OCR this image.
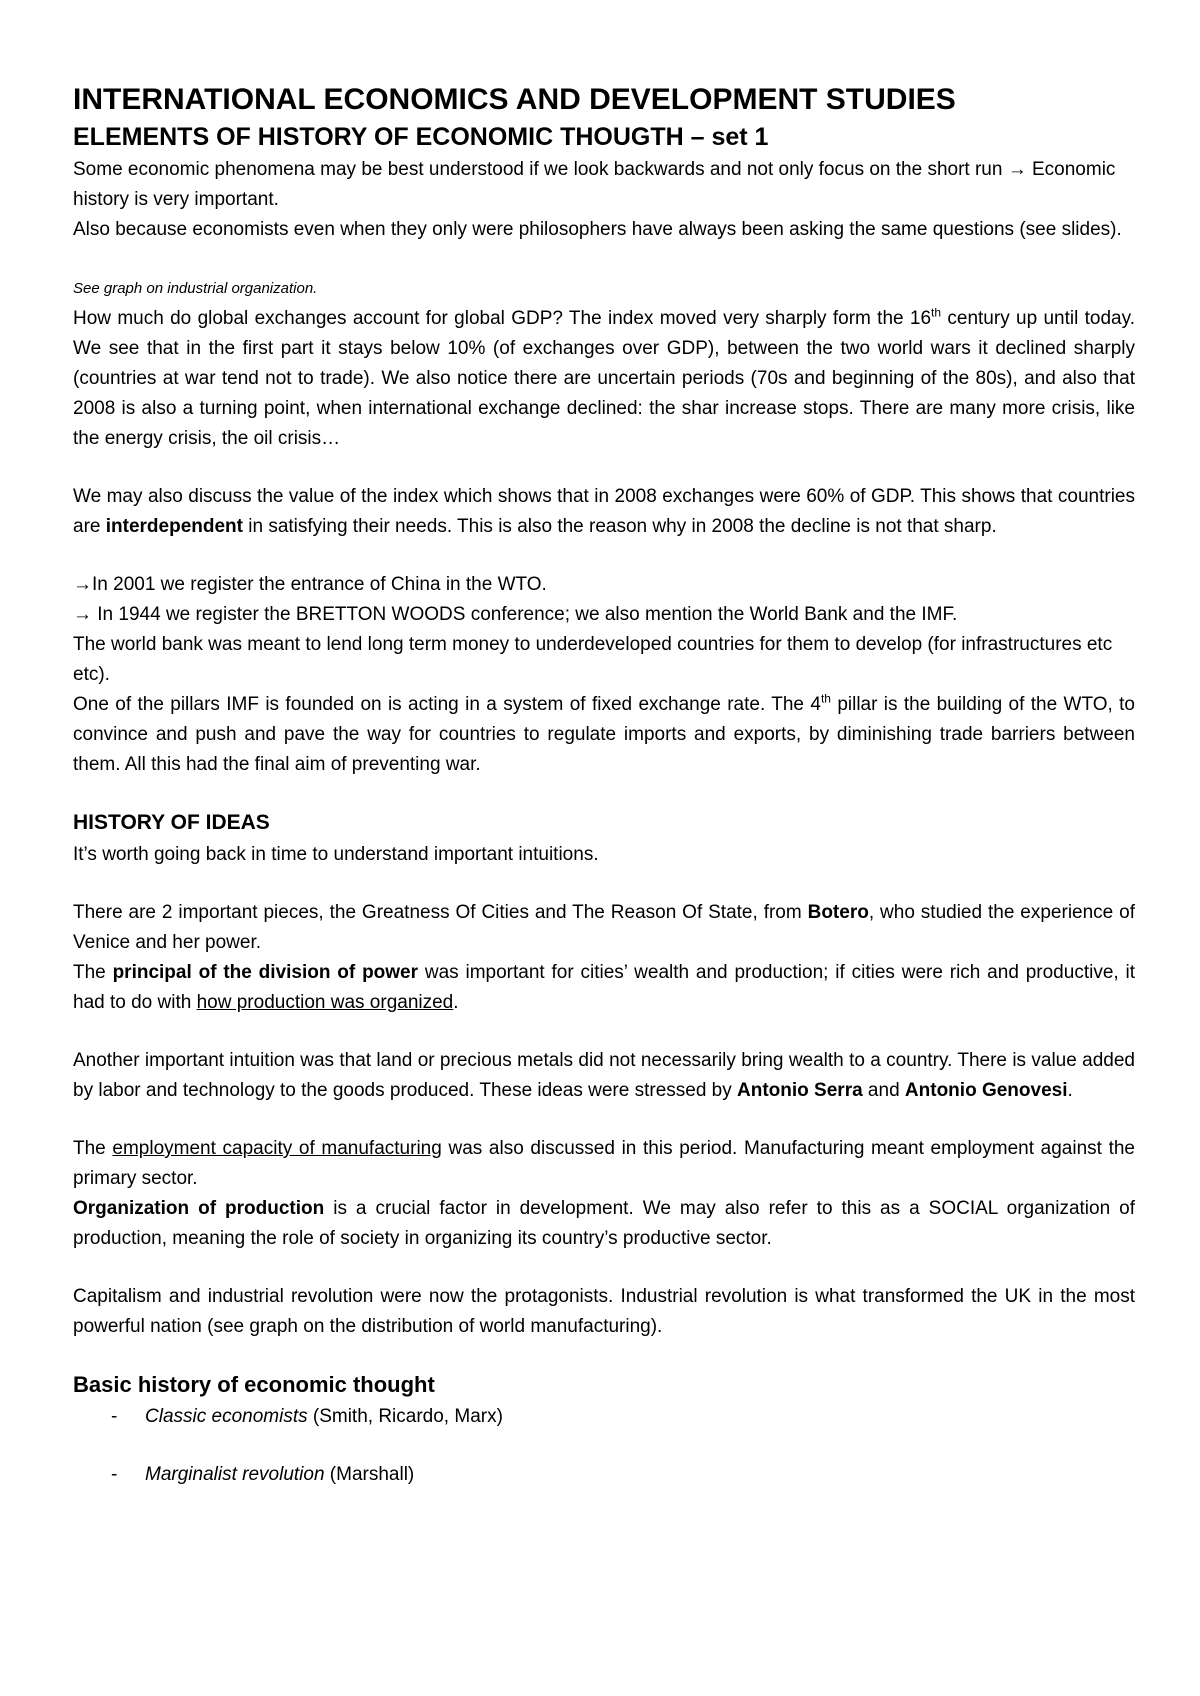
INTERNATIONAL ECONOMICS AND DEVELOPMENT STUDIES
ELEMENTS OF HISTORY OF ECONOMIC THOUGTH – set 1

Some economic phenomena may be best understood if we look backwards and not only focus on the short run → Economic history is very important.

Also because economists even when they only were philosophers have always been asking the same questions (see slides).

See graph on industrial organization.

How much do global exchanges account for global GDP? The index moved very sharply form the 16th century up until today. We see that in the first part it stays below 10% (of exchanges over GDP), between the two world wars it declined sharply (countries at war tend not to trade). We also notice there are uncertain periods (70s and beginning of the 80s), and also that 2008 is also a turning point, when international exchange declined: the shar increase stops. There are many more crisis, like the energy crisis, the oil crisis…

We may also discuss the value of the index which shows that in 2008 exchanges were 60% of GDP. This shows that countries are interdependent in satisfying their needs. This is also the reason why in 2008 the decline is not that sharp.

→In 2001 we register the entrance of China in the WTO.

→ In 1944 we register the BRETTON WOODS conference; we also mention the World Bank and the IMF.

The world bank was meant to lend long term money to underdeveloped countries for them to develop (for infrastructures etc etc).

One of the pillars IMF is founded on is acting in a system of fixed exchange rate. The 4th pillar is the building of the WTO, to convince and push and pave the way for countries to regulate imports and exports, by diminishing trade barriers between them. All this had the final aim of preventing war.

HISTORY OF IDEAS

It’s worth going back in time to understand important intuitions.

There are 2 important pieces, the Greatness Of Cities and The Reason Of State, from Botero, who studied the experience of Venice and her power.

The principal of the division of power was important for cities’ wealth and production; if cities were rich and productive, it had to do with how production was organized.

Another important intuition was that land or precious metals did not necessarily bring wealth to a country. There is value added by labor and technology to the goods produced. These ideas were stressed by Antonio Serra and Antonio Genovesi.

The employment capacity of manufacturing was also discussed in this period. Manufacturing meant employment against the primary sector.

Organization of production is a crucial factor in development. We may also refer to this as a SOCIAL organization of production, meaning the role of society in organizing its country’s productive sector.

Capitalism and industrial revolution were now the protagonists. Industrial revolution is what transformed the UK in the most powerful nation (see graph on the distribution of world manufacturing).

Basic history of economic thought
- Classic economists (Smith, Ricardo, Marx)
- Marginalist revolution (Marshall)
